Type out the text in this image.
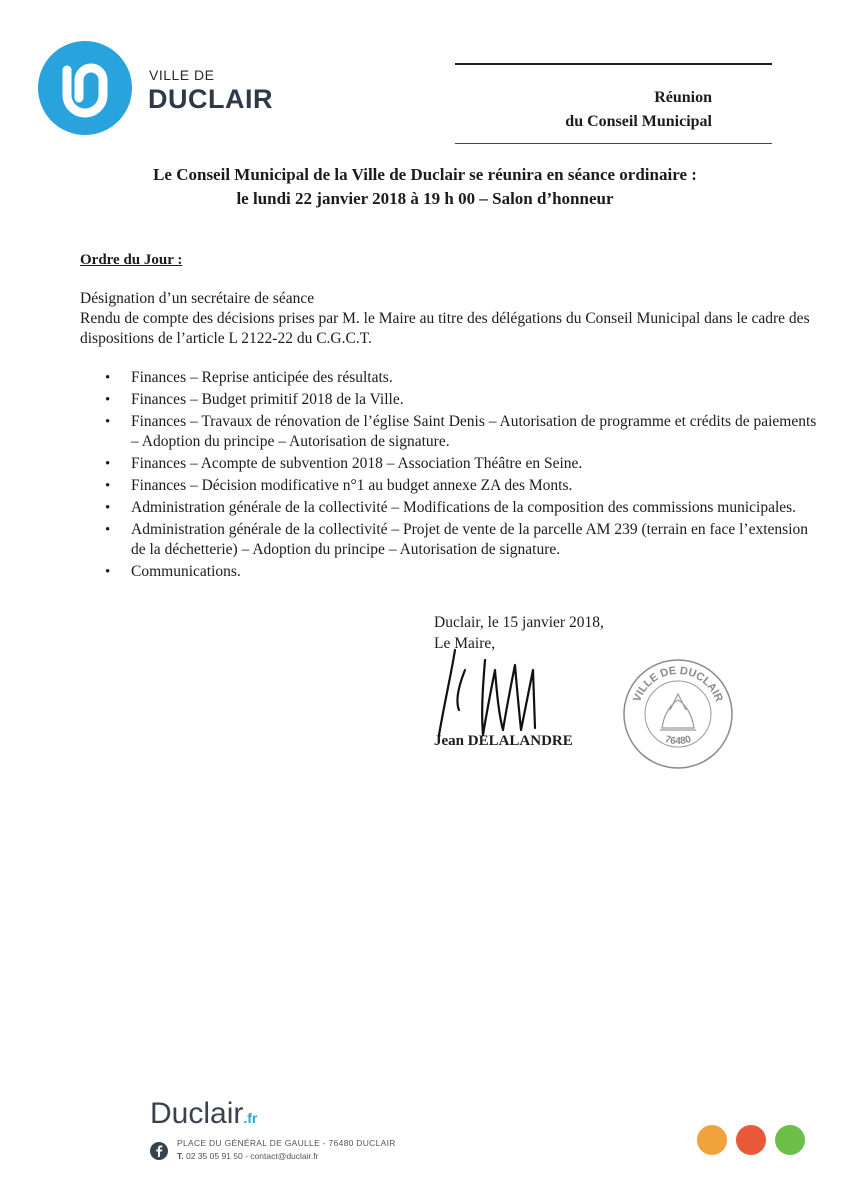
VILLE DE
DUCLAIR	Réunion
du Conseil Municipal
Le Conseil Municipal de la Ville de Duclair se réunira en séance ordinaire :
le lundi 22 janvier 2018 à 19 h 00 – Salon d’honneur
Ordre du Jour :
Désignation d’un secrétaire de séance
Rendu de compte des décisions prises par M. le Maire au titre des délégations du Conseil Municipal dans le cadre des dispositions de l’article L 2122-22 du C.G.C.T.
• Finances – Reprise anticipée des résultats.
• Finances – Budget primitif 2018 de la Ville.
• Finances – Travaux de rénovation de l’église Saint Denis – Autorisation de programme et crédits de paiements – Adoption du principe – Autorisation de signature.
• Finances – Acompte de subvention 2018 – Association Théâtre en Seine.
• Finances – Décision modificative n°1 au budget annexe ZA des Monts.
• Administration générale de la collectivité – Modifications de la composition des commissions municipales.
• Administration générale de la collectivité – Projet de vente de la parcelle AM 239 (terrain en face l’extension de la déchetterie) – Adoption du principe – Autorisation de signature.
• Communications.
Duclair, le 15 janvier 2018,
Le Maire,
Jean DELALANDRE
VILLE DE DUCLAIR
76480
Duclair.fr
PLACE DU GÉNÉRAL DE GAULLE - 76480 DUCLAIR
T. 02 35 05 91 50 - contact@duclair.fr
